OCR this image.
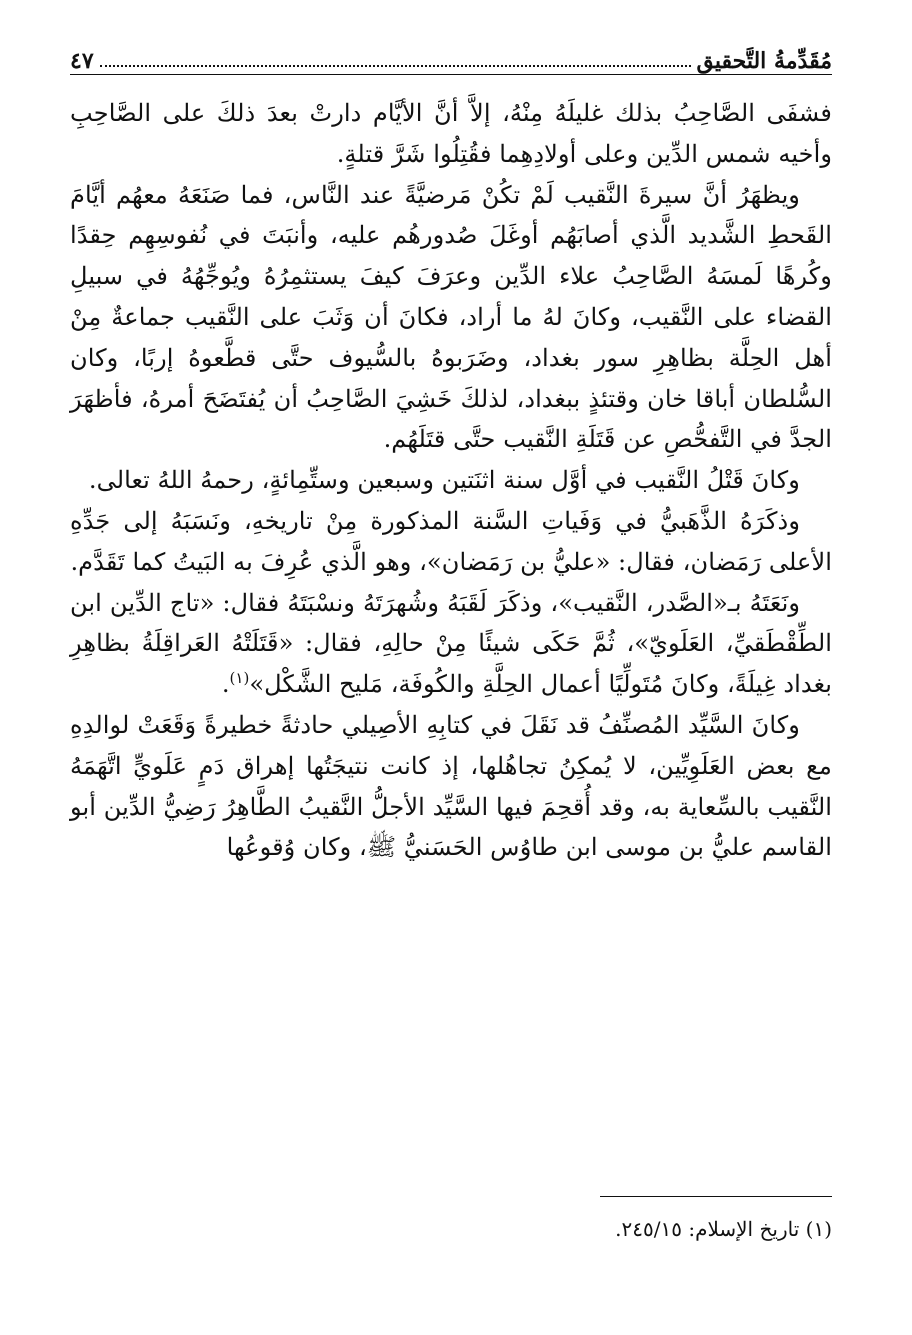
مُقَدِّمةُ التَّحقيق
٤٧

فشفَى الصَّاحِبُ بذلك غليلَهُ مِنْهُ، إلاَّ أنَّ الأيَّام دارتْ بعدَ ذلكَ على الصَّاحِبِ وأخيه شمس الدِّين وعلى أولادِهِما فقُتِلُوا شَرَّ قتلةٍ.

ويظهَرُ أنَّ سيرةَ النَّقيب لَمْ تكُنْ مَرضيَّةً عند النَّاس، فما صَنَعَهُ معهُم أيَّامَ القَحطِ الشَّديد الَّذي أصابَهُم أوغَلَ صُدورهُم عليه، وأنبَتَ في نُفوسِهِم حِقدًا وكُرهًا لَمسَهُ الصَّاحِبُ علاء الدِّين وعرَفَ كيفَ يستثمِرُهُ ويُوجِّهُهُ في سبيلِ القضاء على النَّقيب، وكانَ لهُ ما أراد، فكانَ أن وَثَبَ على النَّقيب جماعةٌ مِنْ أهل الحِلَّة بظاهِرِ سور بغداد، وضَرَبوهُ بالسُّيوف حتَّى قطَّعوهُ إربًا، وكان السُّلطان أباقا خان وقتئذٍ ببغداد، لذلكَ خَشِيَ الصَّاحِبُ أن يُفتَضَحَ أمرهُ، فأظهَرَ الجدَّ في التَّفحُّصِ عن قَتَلَةِ النَّقيب حتَّى قتَلَهُم.

وكانَ قَتْلُ النَّقيب في أوَّل سنة اثنَتين وسبعين وستِّمِائةٍ، رحمهُ اللهُ تعالى.

وذكَرَهُ الذَّهَبيُّ في وَفَياتِ السَّنة المذكورة مِنْ تاريخهِ، ونَسَبَهُ إلى جَدِّهِ الأعلى رَمَضان، فقال: «عليُّ بن رَمَضان»، وهو الَّذي عُرِفَ به البَيتُ كما تَقَدَّم.

ونَعَتَهُ بـ«الصَّدر، النَّقيب»، وذكَرَ لَقَبَهُ وشُهرَتَهُ ونسْبَتَهُ فقال: «تاج الدِّين ابن الطِّقْطَقيِّ، العَلَويّ»، ثُمَّ حَكَى شيئًا مِنْ حالِهِ، فقال: «قَتَلَتْهُ العَراقِلَةُ بظاهِرِ بغداد غِيلَةً، وكانَ مُتَولِّيًا أعمال الحِلَّةِ والكُوفَة، مَليح الشَّكْل»$^{(١)}$.

وكانَ السَّيِّد المُصنِّفُ قد نَقَلَ في كتابِهِ الأصِيلي حادثةً خطيرةً وَقَعَتْ لوالدِهِ مع بعض العَلَوِيِّين، لا يُمكِنُ تجاهُلها، إذ كانت نتيجَتُها إهراق دَمٍ عَلَويٍّ اتَّهَمَهُ النَّقيب بالسِّعاية به، وقد أُقحِمَ فيها السَّيِّد الأجلُّ النَّقيبُ الطَّاهِرُ رَضِيُّ الدِّين أبو القاسم عليُّ بن موسى ابن طاوُس الحَسَنيُّ ﷺ، وكان وُقوعُها

(١) تاريخ الإسلام: ٢٤٥/١٥.
